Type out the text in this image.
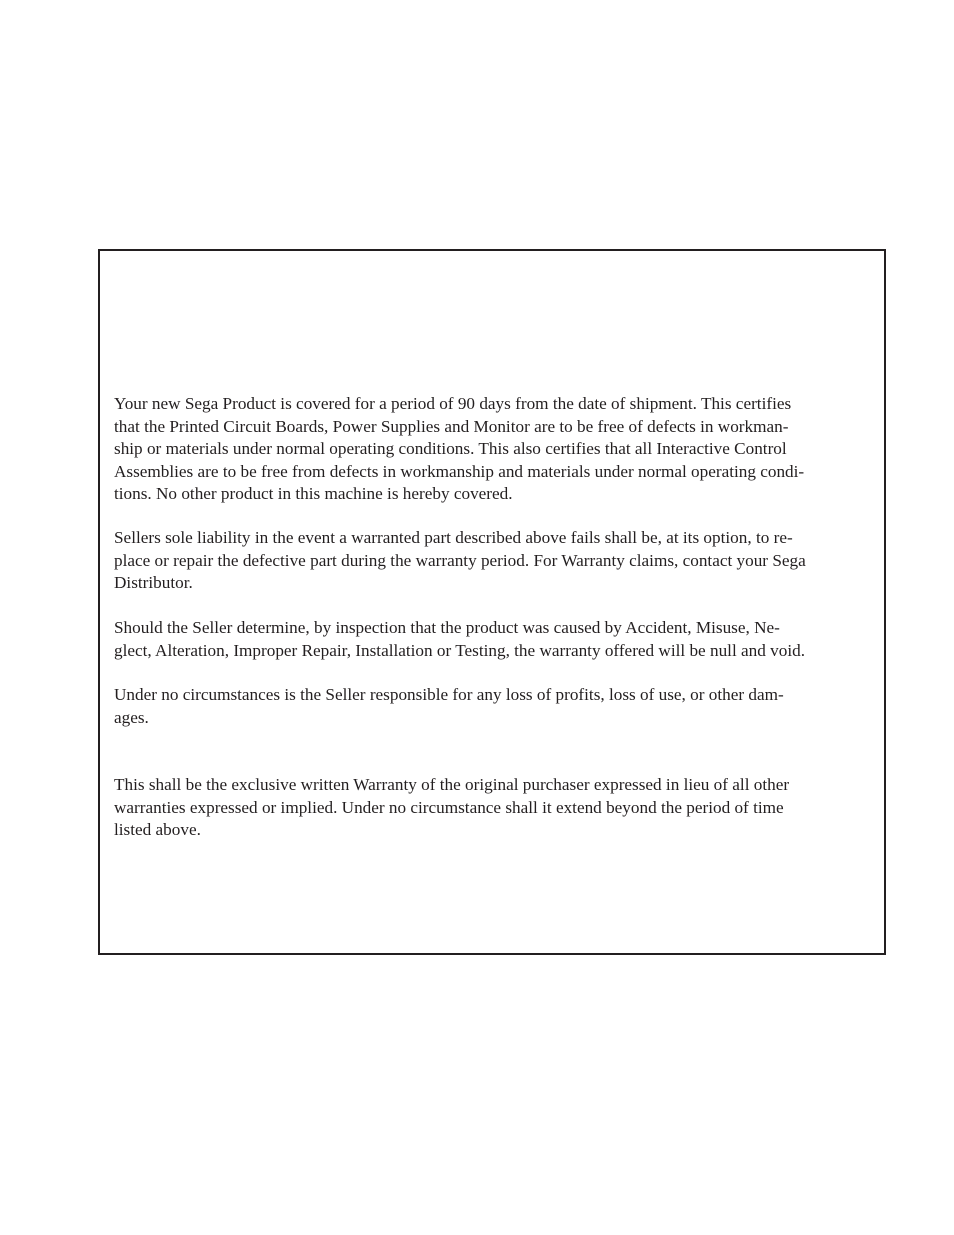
Your new Sega Product is covered for a period of 90 days from the date of shipment. This certifies
that the Printed Circuit Boards, Power Supplies and Monitor are to be free of defects in workman-
ship or materials under normal operating conditions. This also certifies that all Interactive Control
Assemblies are to be free from defects in workmanship and materials under normal operating condi-
tions. No other product in this machine is hereby covered.

Sellers sole liability in the event a warranted part described above fails shall be, at its option, to re-
place or repair the defective part during the warranty period. For Warranty claims, contact your Sega
Distributor.

Should the Seller determine, by inspection that the product was caused by Accident, Misuse, Ne-
glect, Alteration, Improper Repair, Installation or Testing, the warranty offered will be null and void.

Under no circumstances is the Seller responsible for any loss of profits, loss of use, or other dam-
ages.

This shall be the exclusive written Warranty of the original purchaser expressed in lieu of all other
warranties expressed or implied. Under no circumstance shall it extend beyond the period of time
listed above.
